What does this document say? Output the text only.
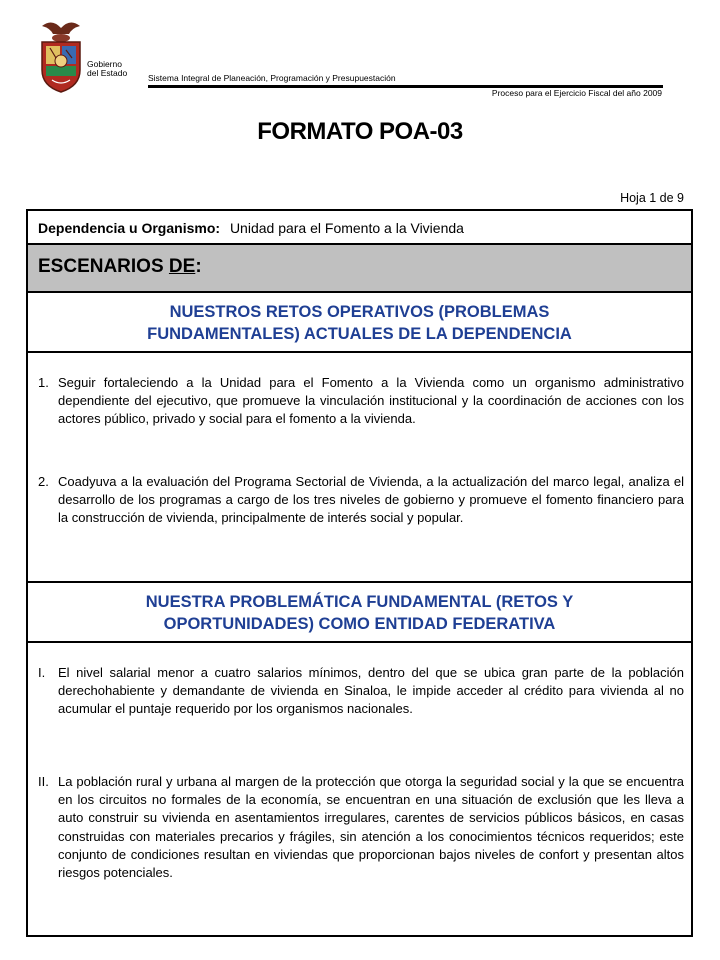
Gobierno
del Estado Sistema Integral de Planeación, Programación y Presupuestación
Proceso para el Ejercicio Fiscal del año 2009
FORMATO POA-03
Hoja 1 de 9
Dependencia u Organismo: Unidad para el Fomento a la Vivienda
ESCENARIOS DE:
NUESTROS RETOS OPERATIVOS (PROBLEMAS
FUNDAMENTALES) ACTUALES DE LA DEPENDENCIA
1. Seguir fortaleciendo a la Unidad para el Fomento a la Vivienda como un organismo administrativo dependiente del ejecutivo, que promueve la vinculación institucional y la coordinación de acciones con los actores público, privado y social para el fomento a la vivienda.
2. Coadyuva a la evaluación del Programa Sectorial de Vivienda, a la actualización del marco legal, analiza el desarrollo de los programas a cargo de los tres niveles de gobierno y promueve el fomento financiero para la construcción de vivienda, principalmente de interés social y popular.
NUESTRA PROBLEMÁTICA FUNDAMENTAL (RETOS Y
OPORTUNIDADES) COMO ENTIDAD FEDERATIVA
I. El nivel salarial menor a cuatro salarios mínimos, dentro del que se ubica gran parte de la población derechohabiente y demandante de vivienda en Sinaloa, le impide acceder al crédito para vivienda al no acumular el puntaje requerido por los organismos nacionales.
II. La población rural y urbana al margen de la protección que otorga la seguridad social y la que se encuentra en los circuitos no formales de la economía, se encuentran en una situación de exclusión que les lleva a auto construir su vivienda en asentamientos irregulares, carentes de servicios públicos básicos, en casas construidas con materiales precarios y frágiles, sin atención a los conocimientos técnicos requeridos; este conjunto de condiciones resultan en viviendas que proporcionan bajos niveles de confort y presentan altos riesgos potenciales.
